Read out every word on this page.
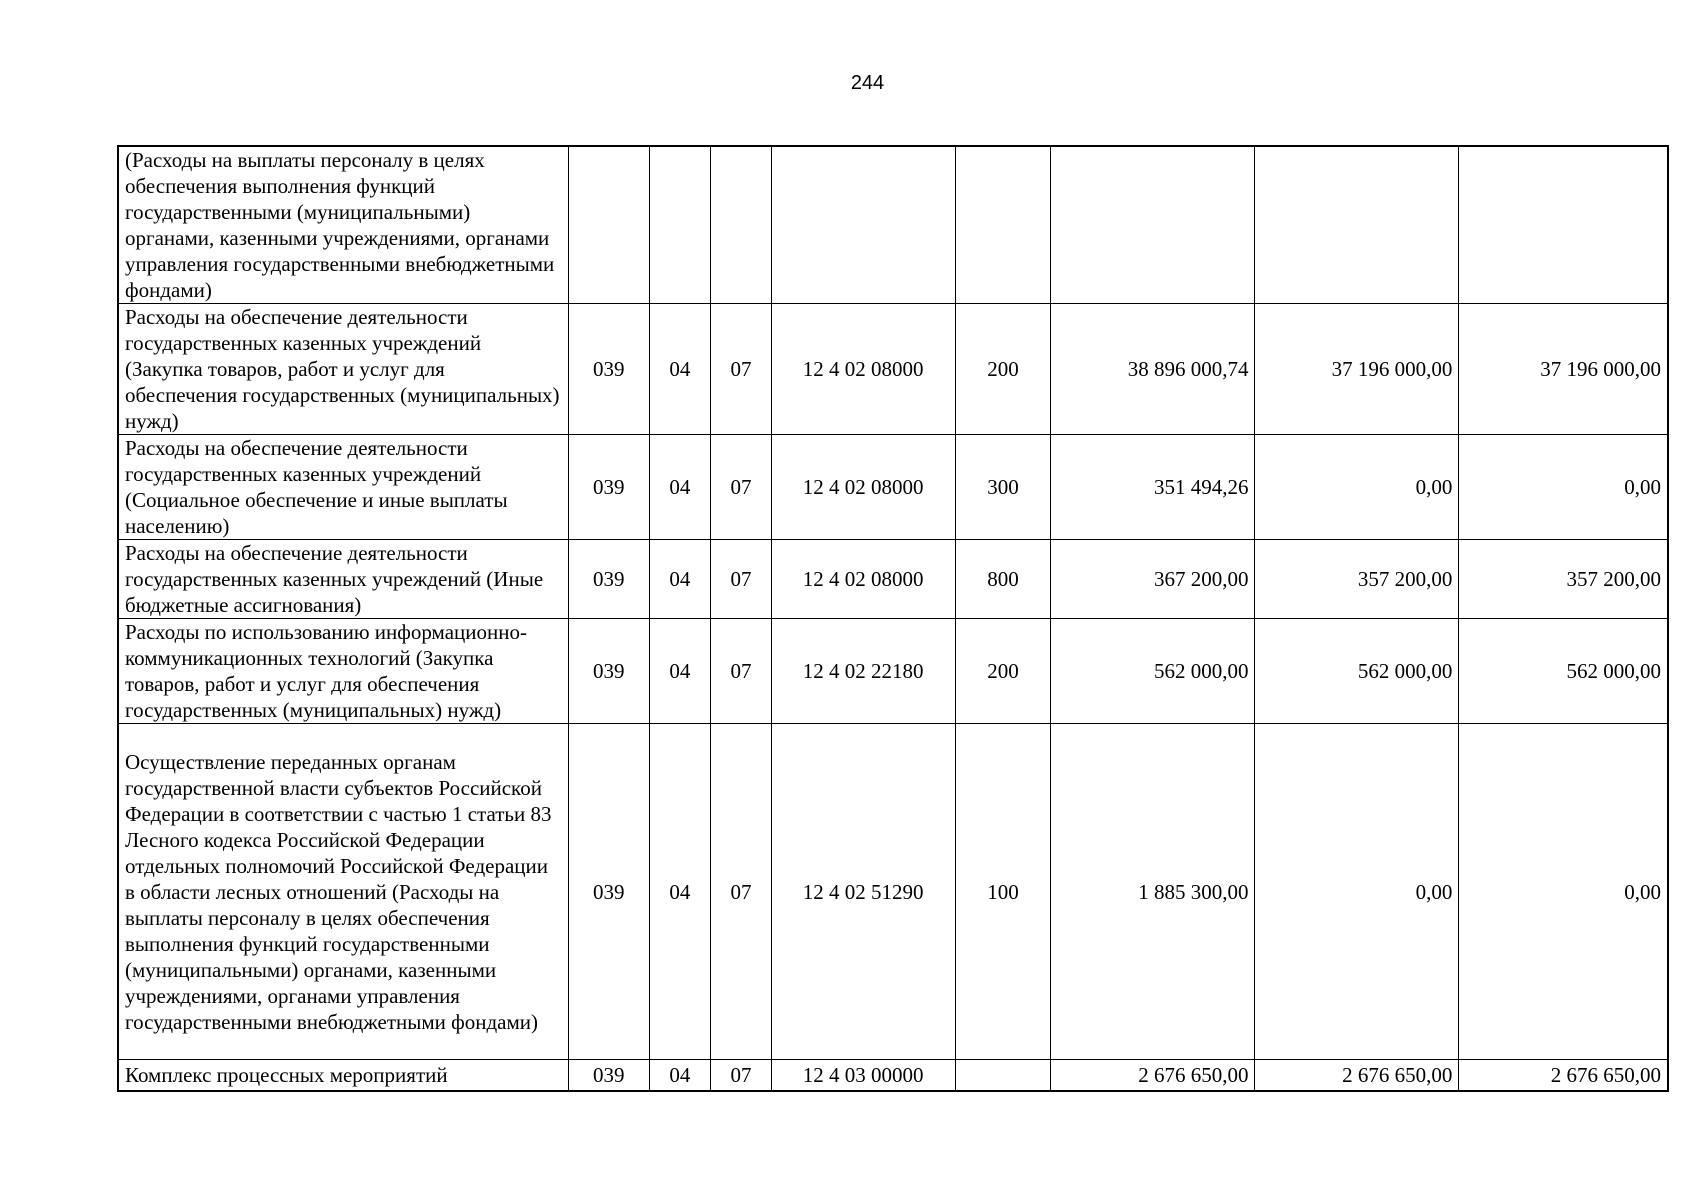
244
(Расходы на выплаты персоналу в целях обеспечения выполнения функций государственными (муниципальными) органами, казенными учреждениями, органами управления государственными внебюджетными фондами)								
Расходы на обеспечение деятельности государственных казенных учреждений (Закупка товаров, работ и услуг для обеспечения государственных (муниципальных) нужд)	039	04	07	12 4 02 08000	200	38 896 000,74	37 196 000,00	37 196 000,00
Расходы на обеспечение деятельности государственных казенных учреждений (Социальное обеспечение и иные выплаты населению)	039	04	07	12 4 02 08000	300	351 494,26	0,00	0,00
Расходы на обеспечение деятельности государственных казенных учреждений (Иные бюджетные ассигнования)	039	04	07	12 4 02 08000	800	367 200,00	357 200,00	357 200,00
Расходы по использованию информационно-коммуникационных технологий (Закупка товаров, работ и услуг для обеспечения государственных (муниципальных) нужд)	039	04	07	12 4 02 22180	200	562 000,00	562 000,00	562 000,00
Осуществление переданных органам государственной власти субъектов Российской Федерации в соответствии с частью 1 статьи 83 Лесного кодекса Российской Федерации отдельных полномочий Российской Федерации в области лесных отношений (Расходы на выплаты персоналу в целях обеспечения выполнения функций государственными (муниципальными) органами, казенными учреждениями, органами управления государственными внебюджетными фондами)	039	04	07	12 4 02 51290	100	1 885 300,00	0,00	0,00
Комплекс процессных мероприятий	039	04	07	12 4 03 00000		2 676 650,00	2 676 650,00	2 676 650,00
